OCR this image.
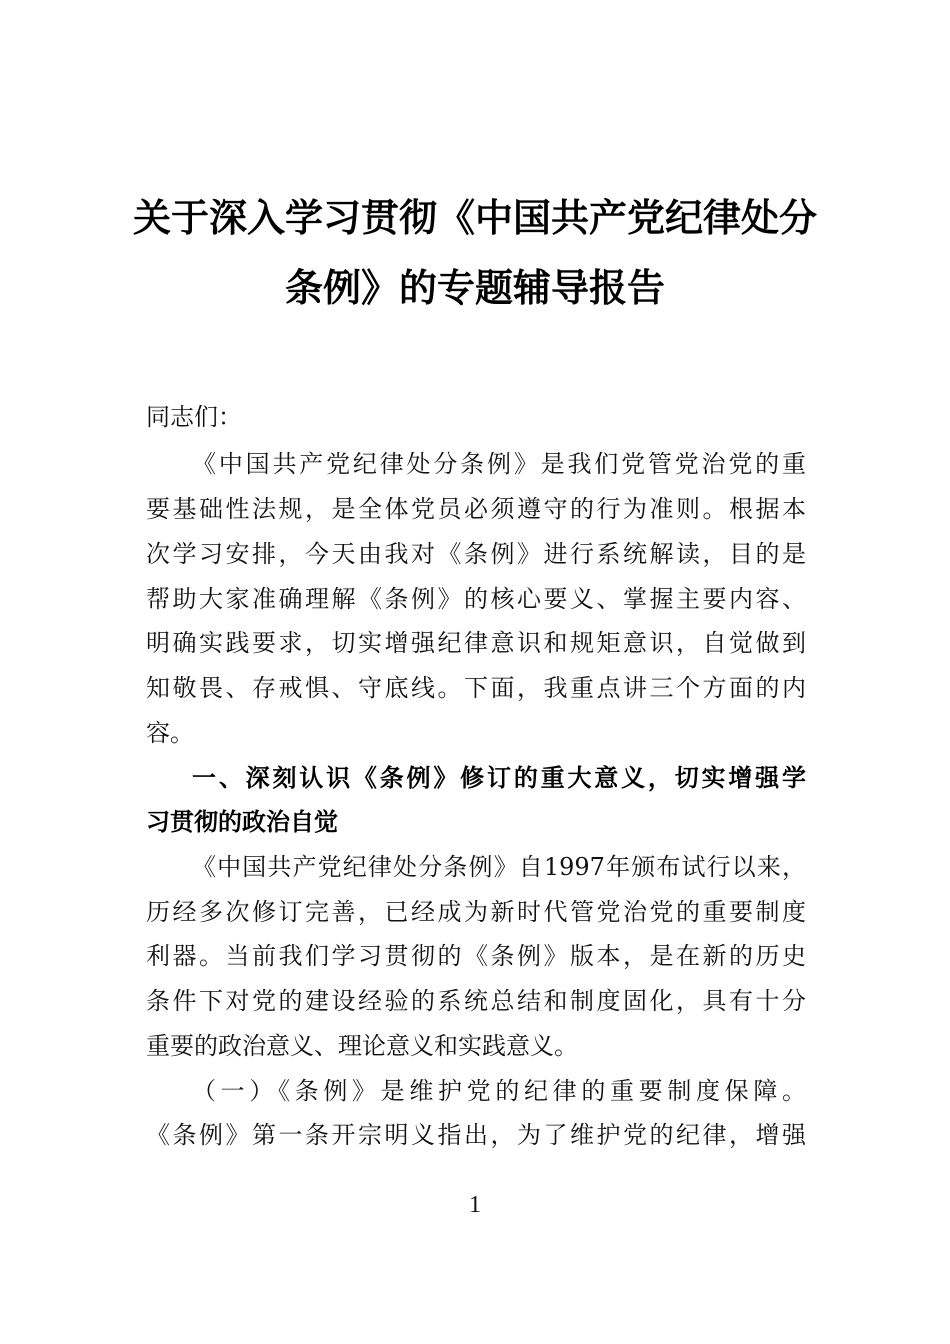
关于深入学习贯彻《中国共产党纪律处分
条例》的专题辅导报告
同志们：
《中国共产党纪律处分条例》是我们党管党治党的重
要基础性法规，是全体党员必须遵守的行为准则。根据本
次学习安排，今天由我对《条例》进行系统解读，目的是
帮助大家准确理解《条例》的核心要义、掌握主要内容、
明确实践要求，切实增强纪律意识和规矩意识，自觉做到
知敬畏、存戒惧、守底线。下面，我重点讲三个方面的内
容。
一、深刻认识《条例》修订的重大意义，切实增强学
习贯彻的政治自觉
《中国共产党纪律处分条例》自1997年颁布试行以来，
历经多次修订完善，已经成为新时代管党治党的重要制度
利器。当前我们学习贯彻的《条例》版本，是在新的历史
条件下对党的建设经验的系统总结和制度固化，具有十分
重要的政治意义、理论意义和实践意义。
（一）《条例》是维护党的纪律的重要制度保障。
《条例》第一条开宗明义指出，为了维护党的纪律，增强
1
